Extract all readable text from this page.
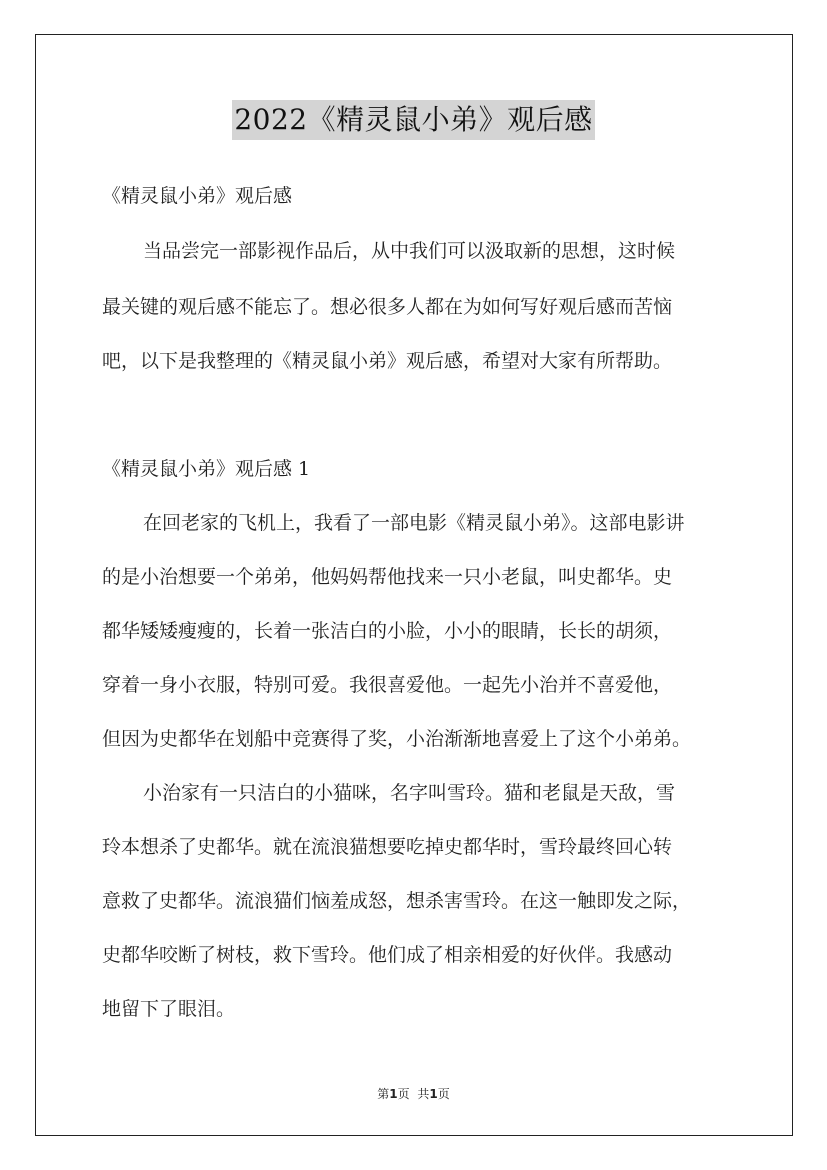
2022《精灵鼠小弟》观后感
《精灵鼠小弟》观后感
当品尝完一部影视作品后，从中我们可以汲取新的思想，这时候
最关键的观后感不能忘了。想必很多人都在为如何写好观后感而苦恼
吧，以下是我整理的《精灵鼠小弟》观后感，希望对大家有所帮助。
《精灵鼠小弟》观后感 1
在回老家的飞机上，我看了一部电影《精灵鼠小弟》。这部电影讲
的是小治想要一个弟弟，他妈妈帮他找来一只小老鼠，叫史都华。史
都华矮矮瘦瘦的，长着一张洁白的小脸，小小的眼睛，长长的胡须，
穿着一身小衣服，特别可爱。我很喜爱他。一起先小治并不喜爱他，
但因为史都华在划船中竞赛得了奖，小治渐渐地喜爱上了这个小弟弟。
小治家有一只洁白的小猫咪，名字叫雪玲。猫和老鼠是天敌，雪
玲本想杀了史都华。就在流浪猫想要吃掉史都华时，雪玲最终回心转
意救了史都华。流浪猫们恼羞成怒，想杀害雪玲。在这一触即发之际，
史都华咬断了树枝，救下雪玲。他们成了相亲相爱的好伙伴。我感动
地留下了眼泪。
第1页 共1页
